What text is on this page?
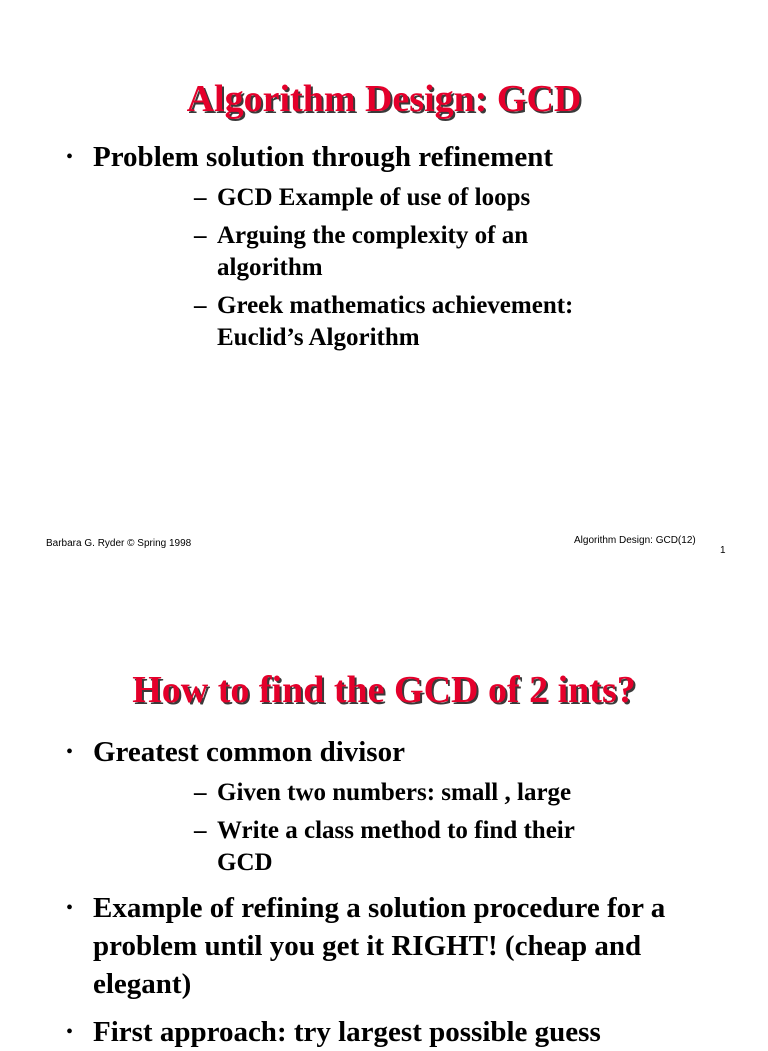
Algorithm Design: GCD
• Problem solution through refinement
– GCD Example of use of loops
– Arguing the complexity of an algorithm
– Greek mathematics achievement: Euclid’s Algorithm
Barbara G. Ryder © Spring 1998	Algorithm Design: GCD(12)
1
How to find the GCD of 2 ints?
• Greatest common divisor
– Given two numbers: small , large
– Write a class method to find their GCD
• Example of refining a solution procedure for a problem until you get it RIGHT! (cheap and elegant)
• First approach: try largest possible guess
